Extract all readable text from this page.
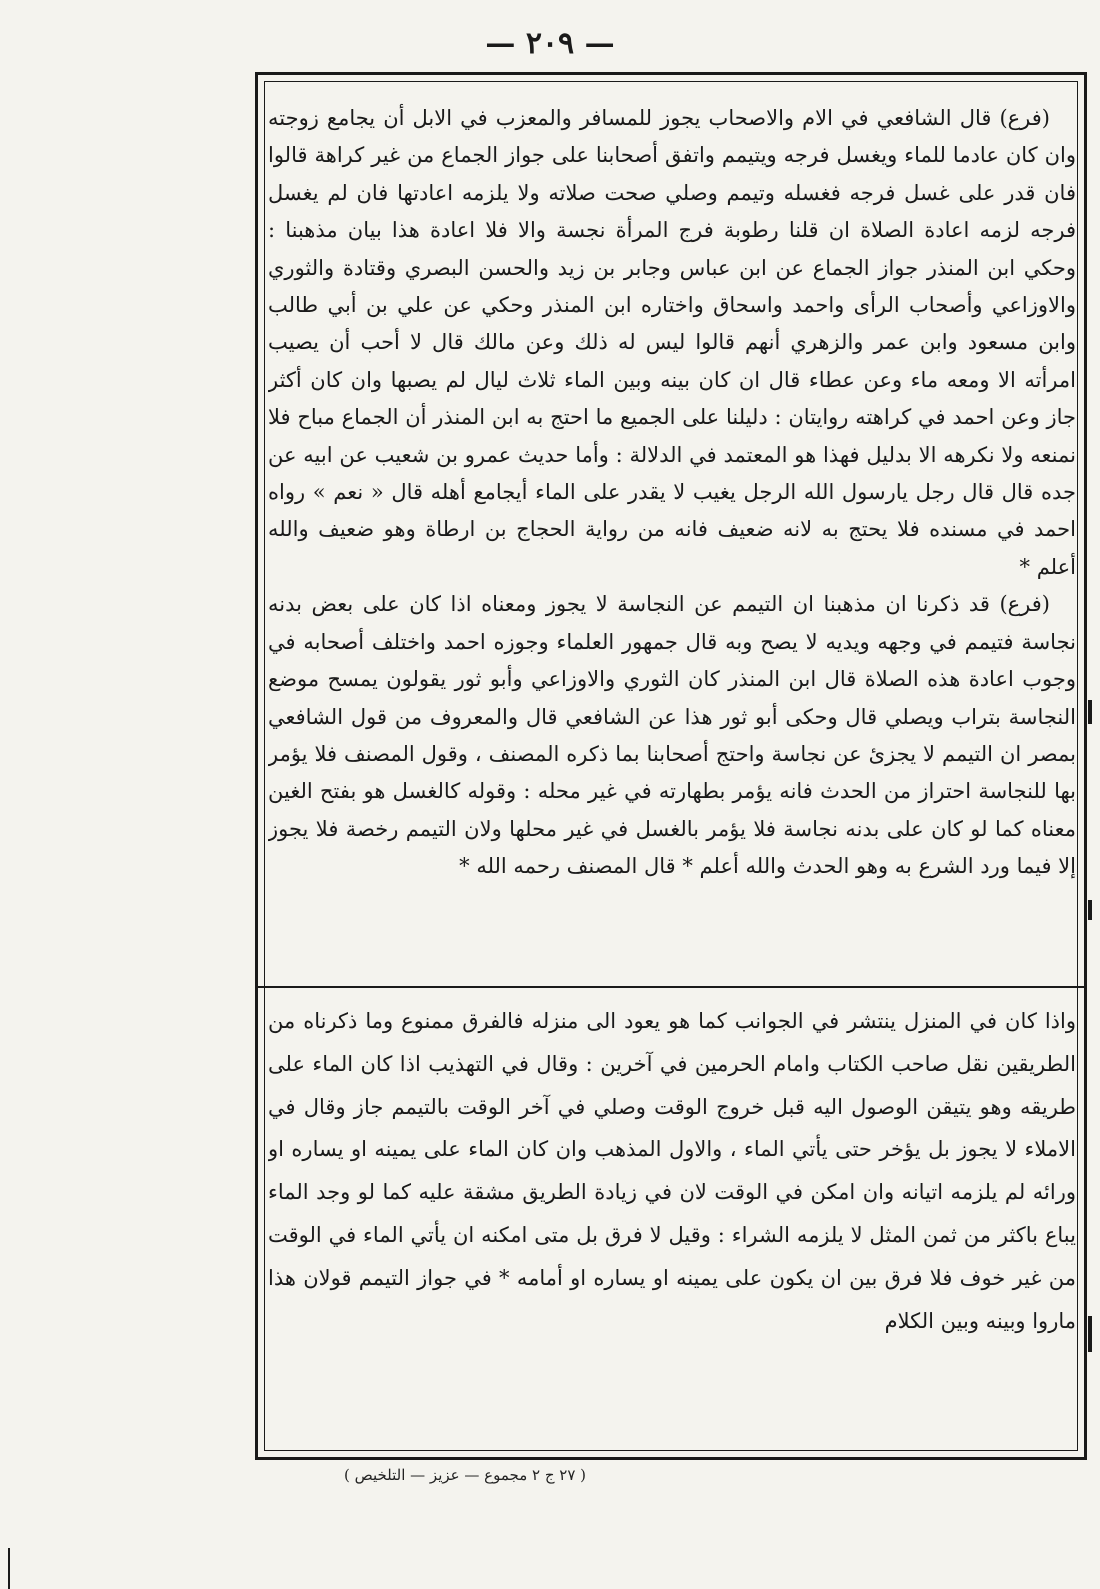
— ٢٠٩ —

(فرع) قال الشافعي في الام والاصحاب يجوز للمسافر والمعزب في الابل أن يجامع زوجته وان كان عادما للماء ويغسل فرجه ويتيمم واتفق أصحابنا على جواز الجماع من غير كراهة قالوا فان قدر على غسل فرجه فغسله وتيمم وصلي صحت صلاته ولا يلزمه اعادتها فان لم يغسل فرجه لزمه اعادة الصلاة ان قلنا رطوبة فرج المرأة نجسة والا فلا اعادة هذا بيان مذهبنا : وحكي ابن المنذر جواز الجماع عن ابن عباس وجابر بن زيد والحسن البصري وقتادة والثوري والاوزاعي وأصحاب الرأى واحمد واسحاق واختاره ابن المنذر وحكي عن علي بن أبي طالب وابن مسعود وابن عمر والزهري أنهم قالوا ليس له ذلك وعن مالك قال لا أحب أن يصيب امرأته الا ومعه ماء وعن عطاء قال ان كان بينه وبين الماء ثلاث ليال لم يصبها وان كان أكثر جاز وعن احمد في كراهته روايتان : دليلنا على الجميع ما احتج به ابن المنذر أن الجماع مباح فلا نمنعه ولا نكرهه الا بدليل فهذا هو المعتمد في الدلالة : وأما حديث عمرو بن شعيب عن ابيه عن جده قال قال رجل يارسول الله الرجل يغيب لا يقدر على الماء أيجامع أهله قال « نعم » رواه احمد في مسنده فلا يحتج به لانه ضعيف فانه من رواية الحجاج بن ارطاة وهو ضعيف والله أعلم *

(فرع) قد ذكرنا ان مذهبنا ان التيمم عن النجاسة لا يجوز ومعناه اذا كان على بعض بدنه نجاسة فتيمم في وجهه ويديه لا يصح وبه قال جمهور العلماء وجوزه احمد واختلف أصحابه في وجوب اعادة هذه الصلاة قال ابن المنذر كان الثوري والاوزاعي وأبو ثور يقولون يمسح موضع النجاسة بتراب ويصلي قال وحكى أبو ثور هذا عن الشافعي قال والمعروف من قول الشافعي بمصر ان التيمم لا يجزئ عن نجاسة واحتج أصحابنا بما ذكره المصنف ، وقول المصنف فلا يؤمر بها للنجاسة احتراز من الحدث فانه يؤمر بطهارته في غير محله : وقوله كالغسل هو بفتح الغين معناه كما لو كان على بدنه نجاسة فلا يؤمر بالغسل في غير محلها ولان التيمم رخصة فلا يجوز إلا فيما ورد الشرع به وهو الحدث والله أعلم * قال المصنف رحمه الله *

واذا كان في المنزل ينتشر في الجوانب كما هو يعود الى منزله فالفرق ممنوع وما ذكرناه من الطريقين نقل صاحب الكتاب وامام الحرمين في آخرين : وقال في التهذيب اذا كان الماء على طريقه وهو يتيقن الوصول اليه قبل خروج الوقت وصلي في آخر الوقت بالتيمم جاز وقال في الاملاء لا يجوز بل يؤخر حتى يأتي الماء ، والاول المذهب وان كان الماء على يمينه او يساره او ورائه لم يلزمه اتيانه وان امكن في الوقت لان في زيادة الطريق مشقة عليه كما لو وجد الماء يباع باكثر من ثمن المثل لا يلزمه الشراء : وقيل لا فرق بل متى امكنه ان يأتي الماء في الوقت من غير خوف فلا فرق بين ان يكون على يمينه او يساره او أمامه * في جواز التيمم قولان هذا ماروا وبينه وبين الكلام

( ٢٧ ج ٢ مجموع — عزيز — التلخيص )
